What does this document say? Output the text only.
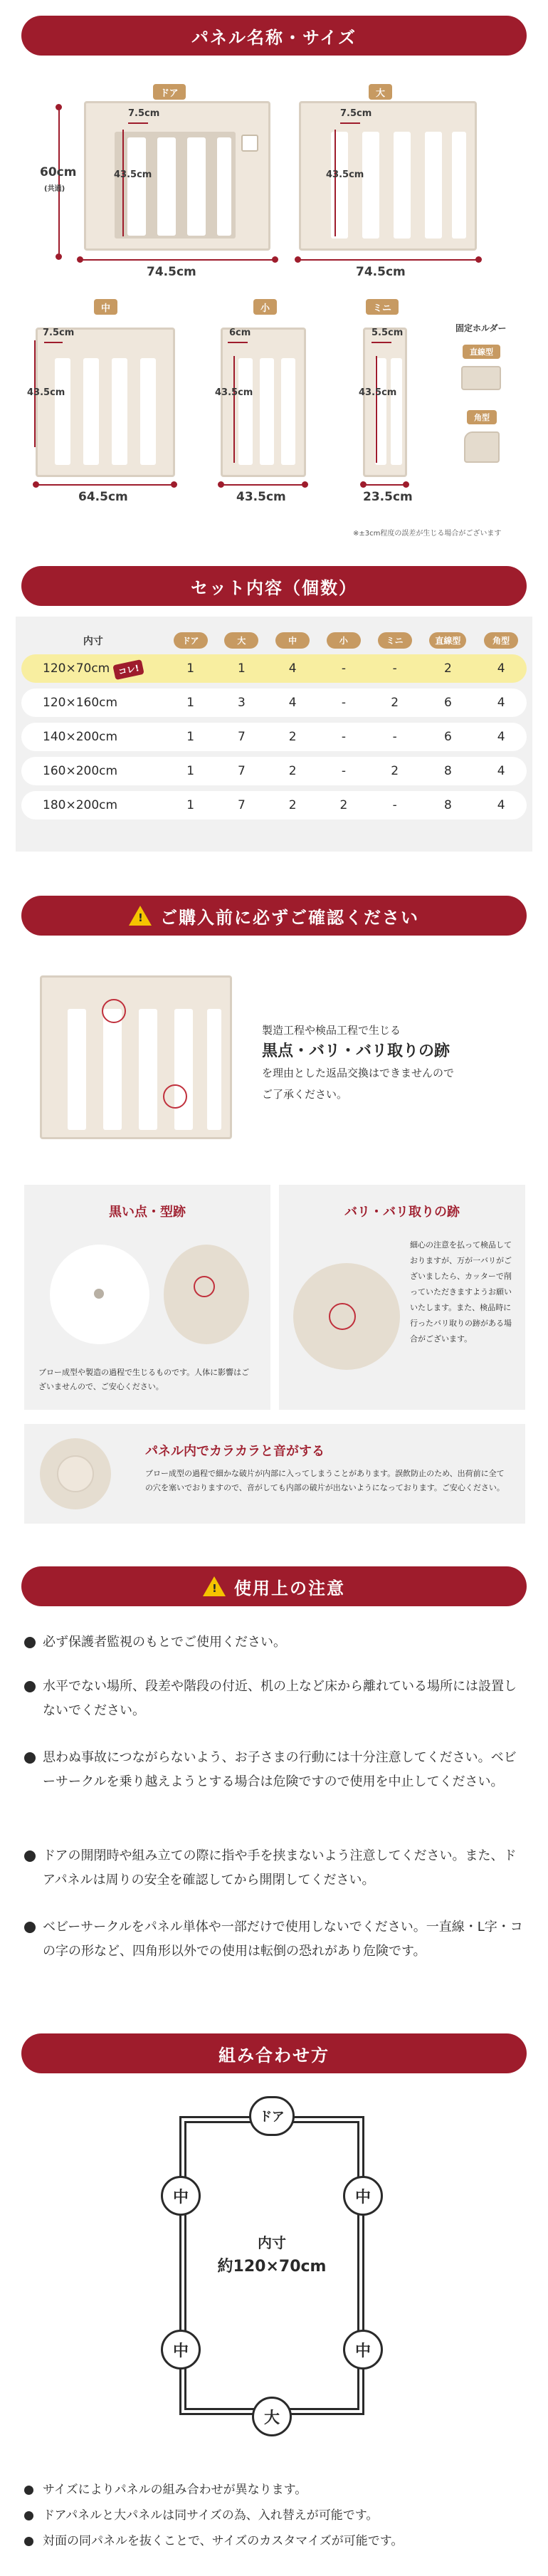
パネル名称・サイズ
ドア
60cm
(共通)
43.5cm
7.5cm
74.5cm
大
43.5cm
7.5cm
74.5cm
中
43.5cm
7.5cm
64.5cm
小
43.5cm
6cm
43.5cm
ミニ
43.5cm
5.5cm
23.5cm
固定ホルダー
直線型
角型
※±3cm程度の誤差が生じる場合がございます
セット内容（個数）
内寸	ドア	大	中	小	ミニ	直線型	角型
120×70cm	1	1	4	-	-	2	4
120×160cm	1	3	4	-	2	6	4
140×200cm	1	7	2	-	-	6	4
160×200cm	1	7	2	-	2	8	4
180×200cm	1	7	2	2	-	8	4
コレ!
! ご購入前に必ずご確認ください

製造工程や検品工程で生じる

黒点・バリ・バリ取りの跡

を理由とした返品交換はできませんので

ご了承ください。

黒い点・型跡
ブロー成型や製造の過程で生じるものです。人体に影響はございませんので、ご安心ください。
バリ・バリ取りの跡
細心の注意を払って検品しておりますが、万が一バリがございましたら、カッターで削っていただきますようお願いいたします。また、検品時に行ったバリ取りの跡がある場合がございます。
パネル内でカラカラと音がする
ブロー成型の過程で細かな破片が内部に入ってしまうことがあります。誤飲防止のため、出荷前に全ての穴を塞いでおりますので、音がしても内部の破片が出ないようになっております。ご安心ください。
! 使用上の注意
必ず保護者監視のもとでご使用ください。
水平でない場所、段差や階段の付近、机の上など床から離れている場所には設置しないでください。
思わぬ事故につながらないよう、お子さまの行動には十分注意してください。ベビーサークルを乗り越えようとする場合は危険ですので使用を中止してください。
ドアの開閉時や組み立ての際に指や手を挟まないよう注意してください。また、ドアパネルは周りの安全を確認してから開閉してください。
ベビーサークルをパネル単体や一部だけで使用しないでください。一直線・L字・コの字の形など、四角形以外での使用は転倒の恐れがあり危険です。
組み合わせ方
ドア
中	中
中	中
大
内寸
約120×70cm
サイズによりパネルの組み合わせが異なります。
ドアパネルと大パネルは同サイズの為、入れ替えが可能です。
対面の同パネルを抜くことで、サイズのカスタマイズが可能です。
